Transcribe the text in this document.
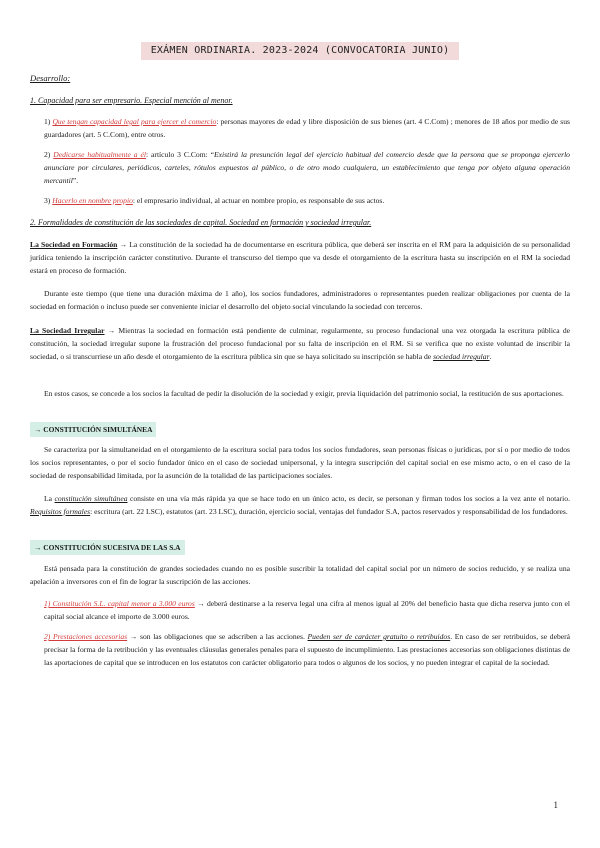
EXÁMEN ORDINARIA. 2023-2024 (CONVOCATORIA JUNIO)
Desarrollo:
1. Capacidad para ser empresario. Especial mención al menor.
1) Que tengan capacidad legal para ejercer el comercio: personas mayores de edad y libre disposición de sus bienes (art. 4 C.Com) ; menores de 18 años por medio de sus guardadores (art. 5 C.Com), entre otros.
2) Dedicarse habitualmente a él: artículo 3 C.Com: “Existirá la presunción legal del ejercicio habitual del comercio desde que la persona que se proponga ejercerlo anunciare por circulares, periódicos, carteles, rótulos expuestos al público, o de otro modo cualquiera, un establecimiento que tenga por objeto alguna operación mercantil”.
3) Hacerlo en nombre propio: el empresario individual, al actuar en nombre propio, es responsable de sus actos.
2. Formalidades de constitución de las sociedades de capital. Sociedad en formación y sociedad irregular.
La Sociedad en Formación → La constitución de la sociedad ha de documentarse en escritura pública, que deberá ser inscrita en el RM para la adquisición de su personalidad jurídica teniendo la inscripción carácter constitutivo. Durante el transcurso del tiempo que va desde el otorgamiento de la escritura hasta su inscripción en el RM la sociedad estará en proceso de formación.
Durante este tiempo (que tiene una duración máxima de 1 año), los socios fundadores, administradores o representantes pueden realizar obligaciones por cuenta de la sociedad en formación o incluso puede ser conveniente iniciar el desarrollo del objeto social vinculando la sociedad con terceros.
La Sociedad Irregular → Mientras la sociedad en formación está pendiente de culminar, regularmente, su proceso fundacional una vez otorgada la escritura pública de constitución, la sociedad irregular supone la frustración del proceso fundacional por su falta de inscripción en el RM. Si se verifica que no existe voluntad de inscribir la sociedad, o si transcurriese un año desde el otorgamiento de la escritura pública sin que se haya solicitado su inscripción se habla de sociedad irregular.
En estos casos, se concede a los socios la facultad de pedir la disolución de la sociedad y exigir, previa liquidación del patrimonio social, la restitución de sus aportaciones.
→ CONSTITUCIÓN SIMULTÁNEA
Se caracteriza por la simultaneidad en el otorgamiento de la escritura social para todos los socios fundadores, sean personas físicas o jurídicas, por sí o por medio de todos los socios representantes, o por el socio fundador único en el caso de sociedad unipersonal, y la integra suscripción del capital social en ese mismo acto, o en el caso de la sociedad de responsabilidad limitada, por la asunción de la totalidad de las participaciones sociales.
La constitución simultánea consiste en una vía más rápida ya que se hace todo en un único acto, es decir, se personan y firman todos los socios a la vez ante el notario. Requisitos formales: escritura (art. 22 LSC), estatutos (art. 23 LSC), duración, ejercicio social, ventajas del fundador S.A, pactos reservados y responsabilidad de los fundadores.
→ CONSTITUCIÓN SUCESIVA DE LAS S.A
Está pensada para la constitución de grandes sociedades cuando no es posible suscribir la totalidad del capital social por un número de socios reducido, y se realiza una apelación a inversores con el fin de lograr la suscripción de las acciones.
1) Constitución S.L. capital menor a 3.000 euros → deberá destinarse a la reserva legal una cifra al menos igual al 20% del beneficio hasta que dicha reserva junto con el capital social alcance el importe de 3.000 euros.
2) Prestaciones accesorias → son las obligaciones que se adscriben a las acciones. Pueden ser de carácter gratuito o retribuidos. En caso de ser retribuidos, se deberá precisar la forma de la retribución y las eventuales cláusulas generales penales para el supuesto de incumplimiento. Las prestaciones accesorias son obligaciones distintas de las aportaciones de capital que se introducen en los estatutos con carácter obligatorio para todos o algunos de los socios, y no pueden integrar el capital de la sociedad.
1
